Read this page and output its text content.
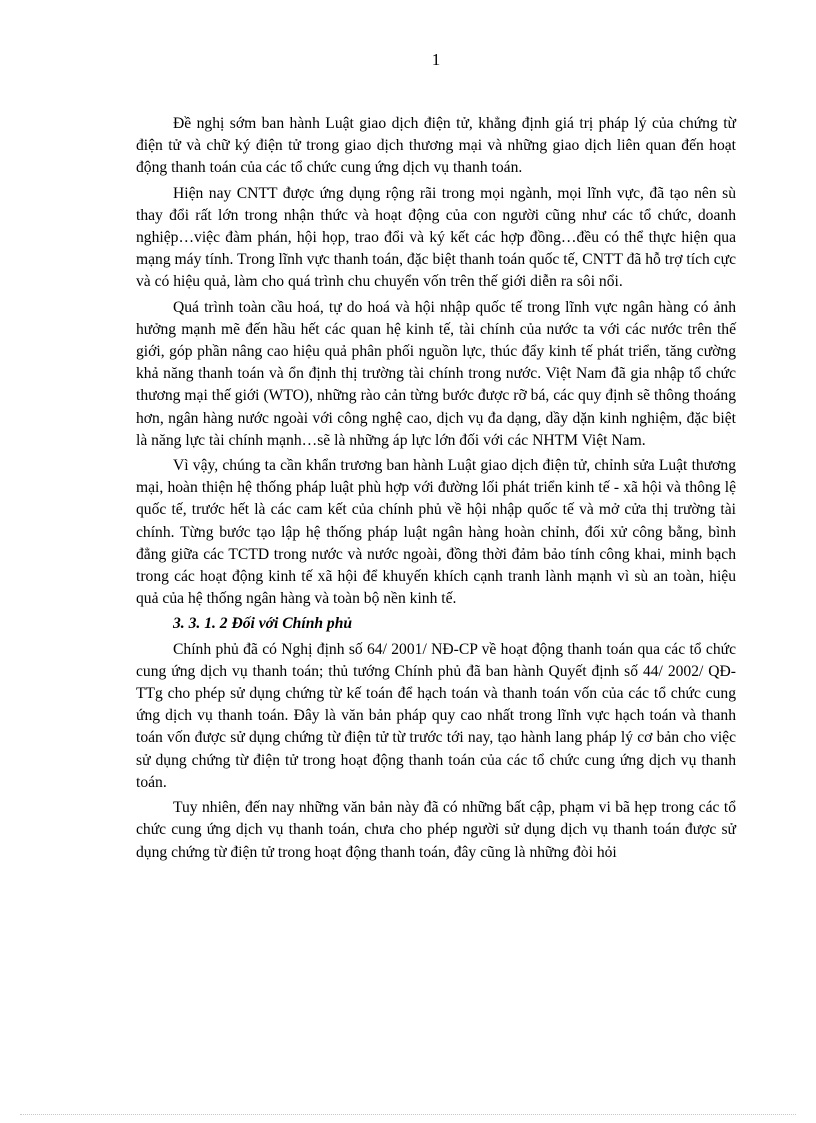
1

Đề nghị sớm ban hành Luật giao dịch điện tử, khẳng định giá trị pháp lý của chứng từ điện tử và chữ ký điện tử trong giao dịch thương mại và những giao dịch liên quan đến hoạt động thanh toán của các tổ chức cung ứng dịch vụ thanh toán.

Hiện nay CNTT được ứng dụng rộng rãi trong mọi ngành, mọi lĩnh vực, đã tạo nên sù thay đổi rất lớn trong nhận thức và hoạt động của con người cũng như các tổ chức, doanh nghiệp…việc đàm phán, hội họp, trao đổi và ký kết các hợp đồng…đều có thể thực hiện qua mạng máy tính. Trong lĩnh vực thanh toán, đặc biệt thanh toán quốc tế, CNTT đã hỗ trợ tích cực và có hiệu quả, làm cho quá trình chu chuyển vốn trên thế giới diễn ra sôi nổi.

Quá trình toàn cầu hoá, tự do hoá và hội nhập quốc tế trong lĩnh vực ngân hàng có ảnh hưởng mạnh mẽ đến hầu hết các quan hệ kinh tế, tài chính của nước ta với các nước trên thế giới, góp phần nâng cao hiệu quả phân phối nguồn lực, thúc đẩy kinh tế phát triển, tăng cường khả năng thanh toán và ổn định thị trường tài chính trong nước. Việt Nam đã gia nhập tổ chức thương mại thế giới (WTO), những rào cản từng bước được rỡ bá, các quy định sẽ thông thoáng hơn, ngân hàng nước ngoài với công nghệ cao, dịch vụ đa dạng, dầy dặn kinh nghiệm, đặc biệt là năng lực tài chính mạnh…sẽ là những áp lực lớn đối với các NHTM Việt Nam.

Vì vậy, chúng ta cần khẩn trương ban hành Luật giao dịch điện tử, chỉnh sửa Luật thương mại, hoàn thiện hệ thống pháp luật phù hợp với đường lối phát triển kinh tế - xã hội và thông lệ quốc tế, trước hết là các cam kết của chính phủ về hội nhập quốc tế và mở cửa thị trường tài chính. Từng bước tạo lập hệ thống pháp luật ngân hàng hoàn chỉnh, đối xử công bằng, bình đẳng giữa các TCTD trong nước và nước ngoài, đồng thời đảm bảo tính công khai, minh bạch trong các hoạt động kinh tế xã hội để khuyến khích cạnh tranh lành mạnh vì sù an toàn, hiệu quả của hệ thống ngân hàng và toàn bộ nền kinh tế.

3. 3. 1. 2 Đối với Chính phủ

Chính phủ đã có Nghị định số 64/ 2001/ NĐ-CP về hoạt động thanh toán qua các tổ chức cung ứng dịch vụ thanh toán; thủ tướng Chính phủ đã ban hành Quyết định số 44/ 2002/ QĐ-TTg cho phép sử dụng chứng từ kế toán để hạch toán và thanh toán vốn của các tổ chức cung ứng dịch vụ thanh toán. Đây là văn bản pháp quy cao nhất trong lĩnh vực hạch toán và thanh toán vốn được sử dụng chứng từ điện tử từ trước tới nay, tạo hành lang pháp lý cơ bản cho việc sử dụng chứng từ điện tử trong hoạt động thanh toán của các tổ chức cung ứng dịch vụ thanh toán.

Tuy nhiên, đến nay những văn bản này đã có những bất cập, phạm vi bã hẹp trong các tổ chức cung ứng dịch vụ thanh toán, chưa cho phép người sử dụng dịch vụ thanh toán được sử dụng chứng từ điện tử trong hoạt động thanh toán, đây cũng là những đòi hỏi
